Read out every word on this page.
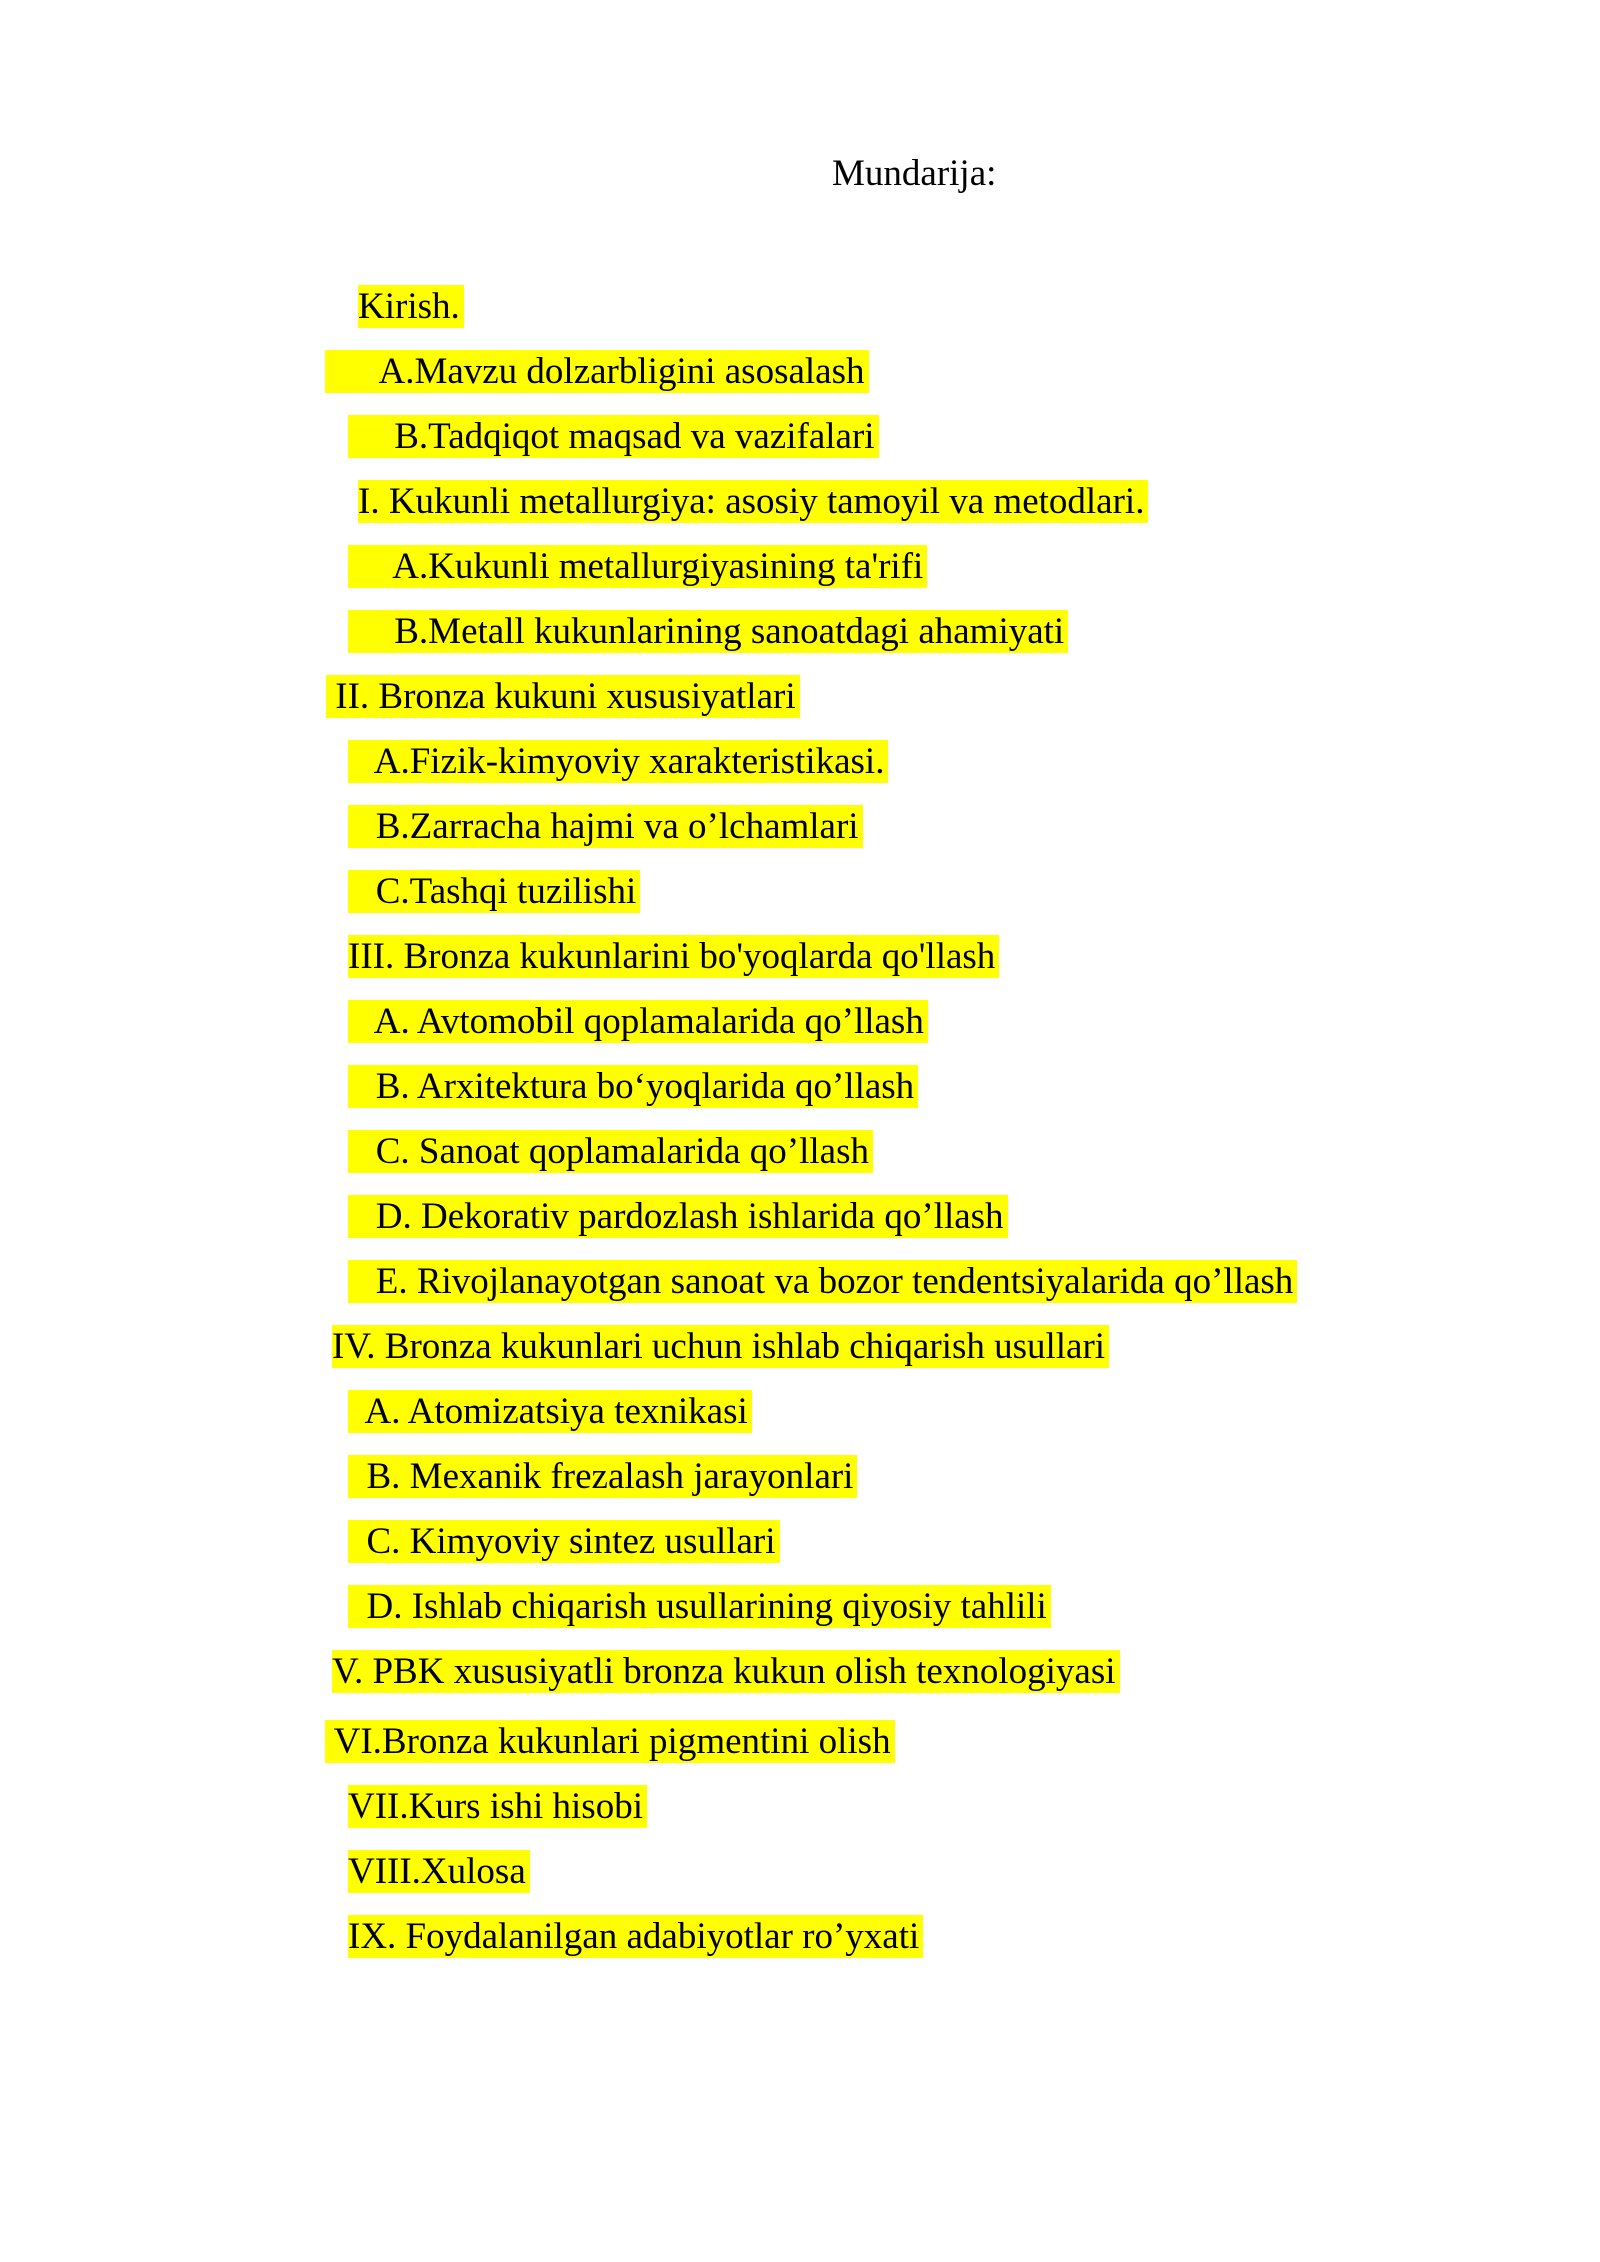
Mundarija:
Kirish.
A.Mavzu dolzarbligini asosalash
B.Tadqiqot maqsad va vazifalari
I. Kukunli metallurgiya: asosiy tamoyil va metodlari.
A.Kukunli metallurgiyasining ta'rifi
B.Metall kukunlarining sanoatdagi ahamiyati
II. Bronza kukuni xususiyatlari
A.Fizik-kimyoviy xarakteristikasi.
B.Zarracha hajmi va o’lchamlari
C.Tashqi tuzilishi
III. Bronza kukunlarini bo'yoqlarda qo'llash
A. Avtomobil qoplamalarida qo’llash
B. Arxitektura bo‘yoqlarida qo’llash
C. Sanoat qoplamalarida qo’llash
D. Dekorativ pardozlash ishlarida qo’llash
E. Rivojlanayotgan sanoat va bozor tendentsiyalarida qo’llash
IV. Bronza kukunlari uchun ishlab chiqarish usullari
A. Atomizatsiya texnikasi
B. Mexanik frezalash jarayonlari
C. Kimyoviy sintez usullari
D. Ishlab chiqarish usullarining qiyosiy tahlili
V. PBK xususiyatli bronza kukun olish texnologiyasi
VI.Bronza kukunlari pigmentini olish
VII.Kurs ishi hisobi
VIII.Xulosa
IX. Foydalanilgan adabiyotlar ro’yxati
